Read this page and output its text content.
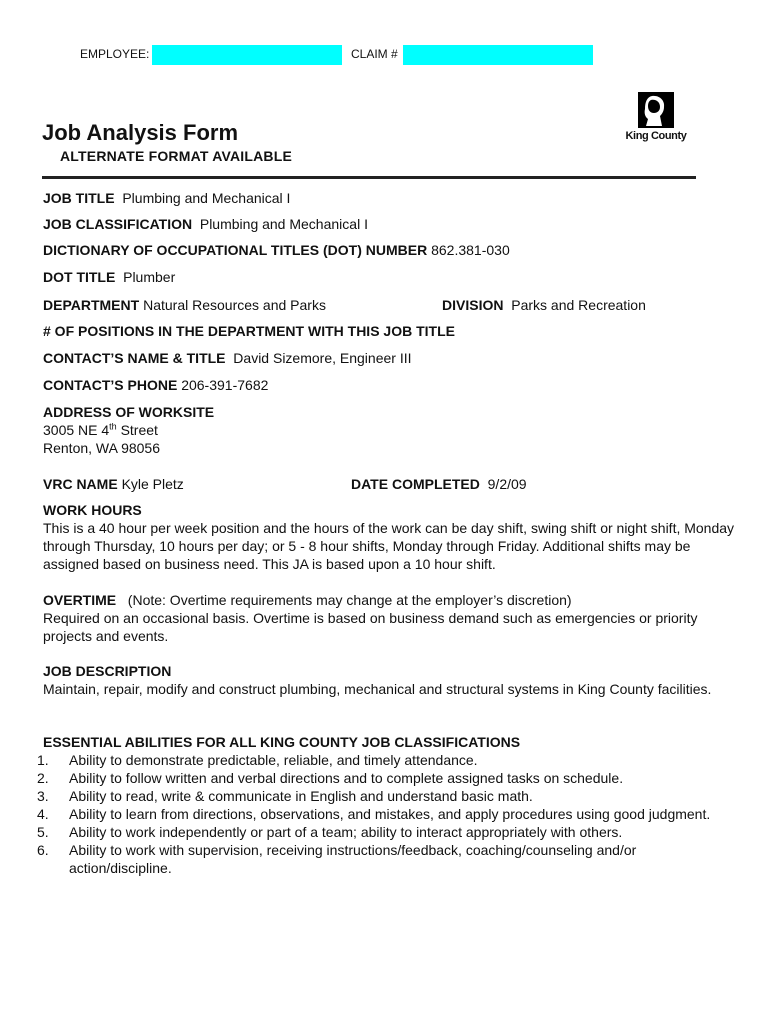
EMPLOYEE:	CLAIM #
King County
Job Analysis Form
ALTERNATE FORMAT AVAILABLE
JOB TITLE Plumbing and Mechanical I
JOB CLASSIFICATION Plumbing and Mechanical I
DICTIONARY OF OCCUPATIONAL TITLES (DOT) NUMBER 862.381-030
DOT TITLE Plumber
DEPARTMENT Natural Resources and Parks	DIVISION Parks and Recreation
# OF POSITIONS IN THE DEPARTMENT WITH THIS JOB TITLE
CONTACT’S NAME & TITLE David Sizemore, Engineer III
CONTACT’S PHONE 206-391-7682
ADDRESS OF WORKSITE
3005 NE 4th Street
Renton, WA 98056
VRC NAME Kyle Pletz	DATE COMPLETED 9/2/09
WORK HOURS
This is a 40 hour per week position and the hours of the work can be day shift, swing shift or night shift, Monday through Thursday, 10 hours per day; or 5 - 8 hour shifts, Monday through Friday. Additional shifts may be assigned based on business need. This JA is based upon a 10 hour shift.
OVERTIME (Note: Overtime requirements may change at the employer’s discretion)
Required on an occasional basis. Overtime is based on business demand such as emergencies or priority projects and events.
JOB DESCRIPTION
Maintain, repair, modify and construct plumbing, mechanical and structural systems in King County facilities.
ESSENTIAL ABILITIES FOR ALL KING COUNTY JOB CLASSIFICATIONS
1. Ability to demonstrate predictable, reliable, and timely attendance.
2. Ability to follow written and verbal directions and to complete assigned tasks on schedule.
3. Ability to read, write & communicate in English and understand basic math.
4. Ability to learn from directions, observations, and mistakes, and apply procedures using good judgment.
5. Ability to work independently or part of a team; ability to interact appropriately with others.
6. Ability to work with supervision, receiving instructions/feedback, coaching/counseling and/or action/discipline.
